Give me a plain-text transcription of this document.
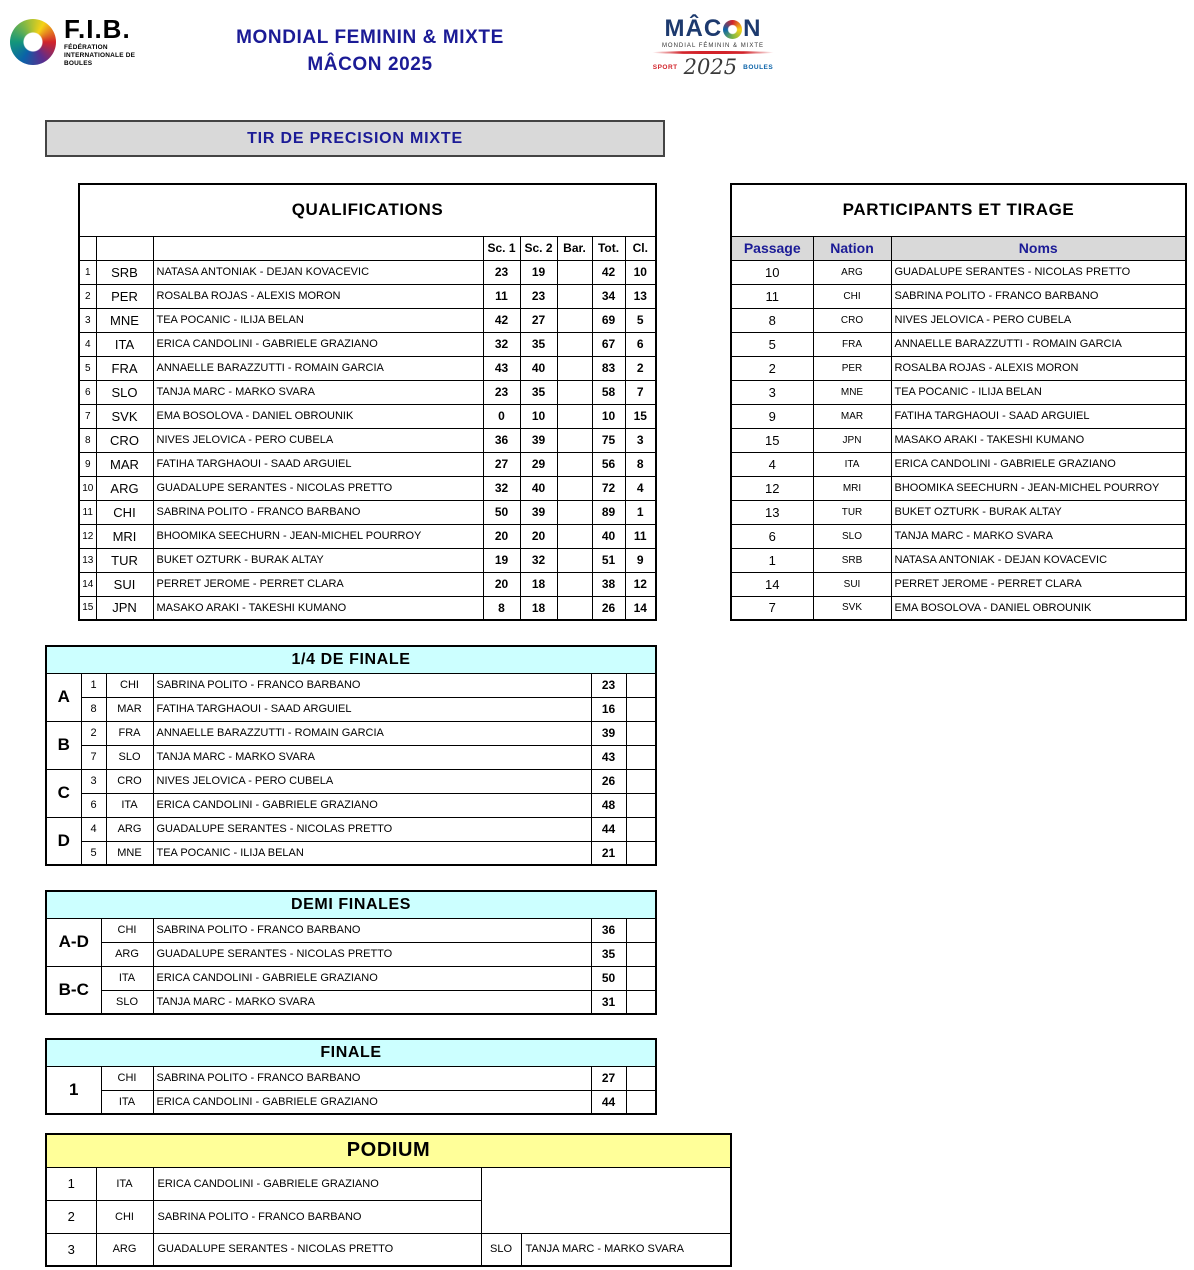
F.I.B.
FÉDÉRATION INTERNATIONALE DE BOULES
MONDIAL FEMININ & MIXTE
MÂCON 2025
MÂC N
MONDIAL FÉMININ & MIXTE
SPORT 2025 BOULES
TIR DE PRECISION MIXTE
QUALIFICATIONS							
			Sc. 1	Sc. 2	Bar.	Tot.	Cl.
1	SRB	NATASA ANTONIAK - DEJAN KOVACEVIC	23	19		42	10
2	PER	ROSALBA ROJAS - ALEXIS MORON	11	23		34	13
3	MNE	TEA POCANIC - ILIJA BELAN	42	27		69	5
4	ITA	ERICA CANDOLINI - GABRIELE GRAZIANO	32	35		67	6
5	FRA	ANNAELLE BARAZZUTTI - ROMAIN GARCIA	43	40		83	2
6	SLO	TANJA MARC - MARKO SVARA	23	35		58	7
7	SVK	EMA BOSOLOVA - DANIEL OBROUNIK	0	10		10	15
8	CRO	NIVES JELOVICA - PERO CUBELA	36	39		75	3
9	MAR	FATIHA TARGHAOUI - SAAD ARGUIEL	27	29		56	8
10	ARG	GUADALUPE SERANTES - NICOLAS PRETTO	32	40		72	4
11	CHI	SABRINA POLITO - FRANCO BARBANO	50	39		89	1
12	MRI	BHOOMIKA SEECHURN - JEAN-MICHEL POURROY	20	20		40	11
13	TUR	BUKET OZTURK - BURAK ALTAY	19	32		51	9
14	SUI	PERRET JEROME - PERRET CLARA	20	18		38	12
15	JPN	MASAKO ARAKI - TAKESHI KUMANO	8	18		26	14
PARTICIPANTS ET TIRAGE		
Passage	Nation	Noms
10	ARG	GUADALUPE SERANTES - NICOLAS PRETTO
11	CHI	SABRINA POLITO - FRANCO BARBANO
8	CRO	NIVES JELOVICA - PERO CUBELA
5	FRA	ANNAELLE BARAZZUTTI - ROMAIN GARCIA
2	PER	ROSALBA ROJAS - ALEXIS MORON
3	MNE	TEA POCANIC - ILIJA BELAN
9	MAR	FATIHA TARGHAOUI - SAAD ARGUIEL
15	JPN	MASAKO ARAKI - TAKESHI KUMANO
4	ITA	ERICA CANDOLINI - GABRIELE GRAZIANO
12	MRI	BHOOMIKA SEECHURN - JEAN-MICHEL POURROY
13	TUR	BUKET OZTURK - BURAK ALTAY
6	SLO	TANJA MARC - MARKO SVARA
1	SRB	NATASA ANTONIAK - DEJAN KOVACEVIC
14	SUI	PERRET JEROME - PERRET CLARA
7	SVK	EMA BOSOLOVA - DANIEL OBROUNIK
1/4 DE FINALE					
A	1	CHI	SABRINA POLITO - FRANCO BARBANO	23	
	8	MAR	FATIHA TARGHAOUI - SAAD ARGUIEL	16	
B	2	FRA	ANNAELLE BARAZZUTTI - ROMAIN GARCIA	39	
	7	SLO	TANJA MARC - MARKO SVARA	43	
C	3	CRO	NIVES JELOVICA - PERO CUBELA	26	
	6	ITA	ERICA CANDOLINI - GABRIELE GRAZIANO	48	
D	4	ARG	GUADALUPE SERANTES - NICOLAS PRETTO	44	
	5	MNE	TEA POCANIC - ILIJA BELAN	21	
DEMI FINALES				
A-D	CHI	SABRINA POLITO - FRANCO BARBANO	36	
	ARG	GUADALUPE SERANTES - NICOLAS PRETTO	35	
B-C	ITA	ERICA CANDOLINI - GABRIELE GRAZIANO	50	
	SLO	TANJA MARC - MARKO SVARA	31	
FINALE				
1	CHI	SABRINA POLITO - FRANCO BARBANO	27	
	ITA	ERICA CANDOLINI - GABRIELE GRAZIANO	44	
PODIUM				
1	ITA	ERICA CANDOLINI - GABRIELE GRAZIANO		
2	CHI	SABRINA POLITO - FRANCO BARBANO		
3	ARG	GUADALUPE SERANTES - NICOLAS PRETTO	SLO	TANJA MARC - MARKO SVARA
